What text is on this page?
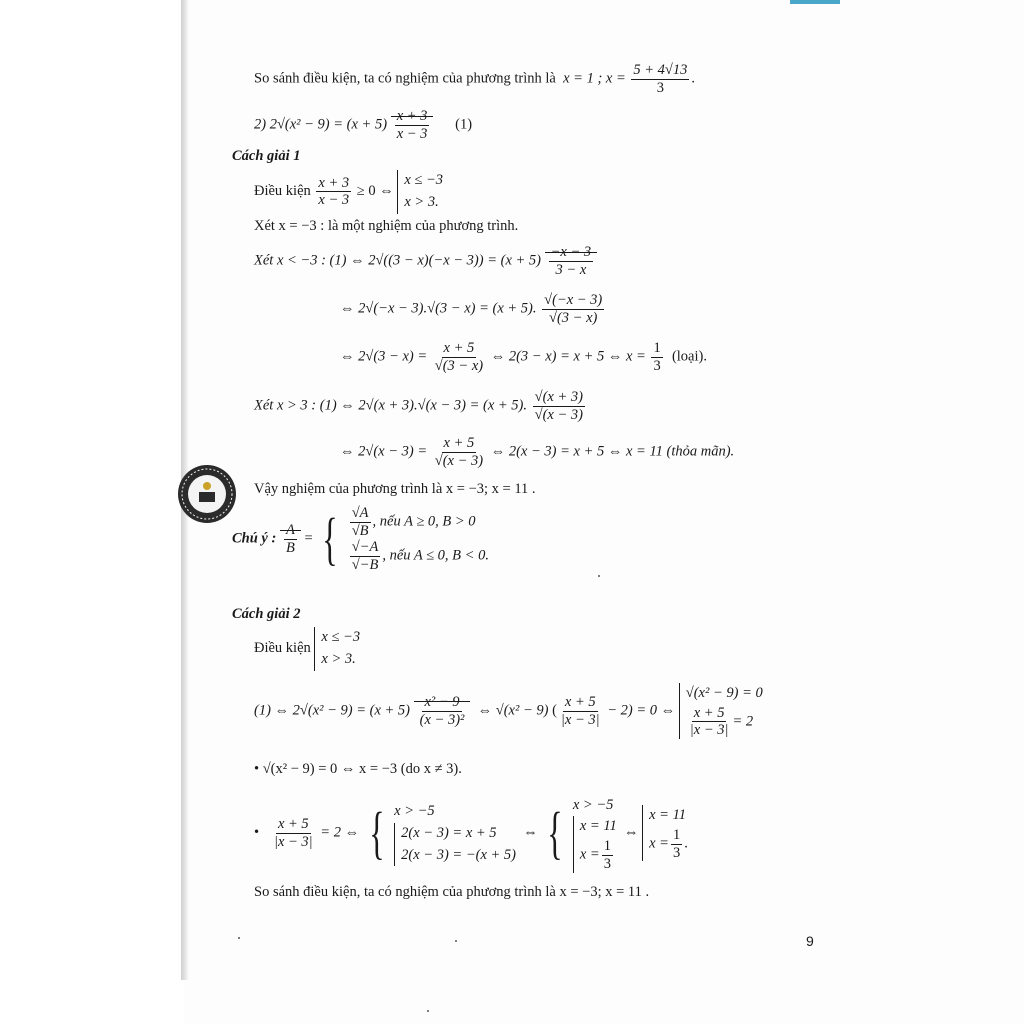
So sánh điều kiện, ta có nghiệm của phương trình là x = 1 ; $x = \frac{5 + 4√13}{3}$ .
2) $2√(x^2 - 9) = (x + 5) \frac{x + 3}{x - 3} (1)$
Cách giải 1
Điều kiện $\frac{x + 3}{x - 3} \ge 0$ ⇔
x ≤ −3
x > 3.
Xét x = −3 : là một nghiệm của phương trình.
Xét x < −3 : (1) ⇔ $2√((3 - x)(-x - 3)) = (x + 5) \frac{-x - 3}{3 - x}$
⇔ 2√(−x − 3).√(3 − x) = (x + 5). $\frac{√(-x - 3)}{√(3 - x)}$
⇔ $2√(3 - x) = \frac{x + 5}{√(3 - x)}$ ⇔ 2(3 − x) = x + 5 ⇔ $x = \frac{1}{3}$ (loại).
Xét x > 3 : (1) ⇔ 2√(x + 3).√(x − 3) = (x + 5). $\frac{√(x + 3)}{√(x - 3)}$
⇔ $2√(x - 3) = \frac{x + 5}{√(x - 3)}$ ⇔ 2(x − 3) = x + 5 ⇔ x = 11 (thỏa mãn).
Vậy nghiệm của phương trình là x = −3; x = 11 .
Chú ý : $\frac{A}{B}$ = { $\frac{√A}{√B}$ , nếu A ≥ 0, B > 0
$\frac{√-A}{√-B}$ , nếu A ≤ 0, B < 0.
Cách giải 2
Điều kiện
x ≤ −3
x > 3.
(1) ⇔ $2√(x^2 - 9) = (x + 5) \frac{\text{x² − 9}}{\text{(x − 3)²}}$ ⇔ √(x² − 9) ( $\frac{x + 5}{|x - 3|} - 2) = 0$ ⇔
√(x² − 9) = 0
$\frac{x + 5}{|x - 3|} = 2$
• √(x² − 9) = 0 ⇔ x = −3 (do x ≠ 3).
• $\frac{x + 5}{|x - 3|} = 2$ ⇔ { x > −5
2(x − 3) = x + 5
2(x − 3) = −(x + 5)
⇔ { x > −5
x = 11
$x = \frac{1}{3}$
⇔
x = 11
$x = \frac{1}{3}$ .
So sánh điều kiện, ta có nghiệm của phương trình là x = −3; x = 11 .
9
